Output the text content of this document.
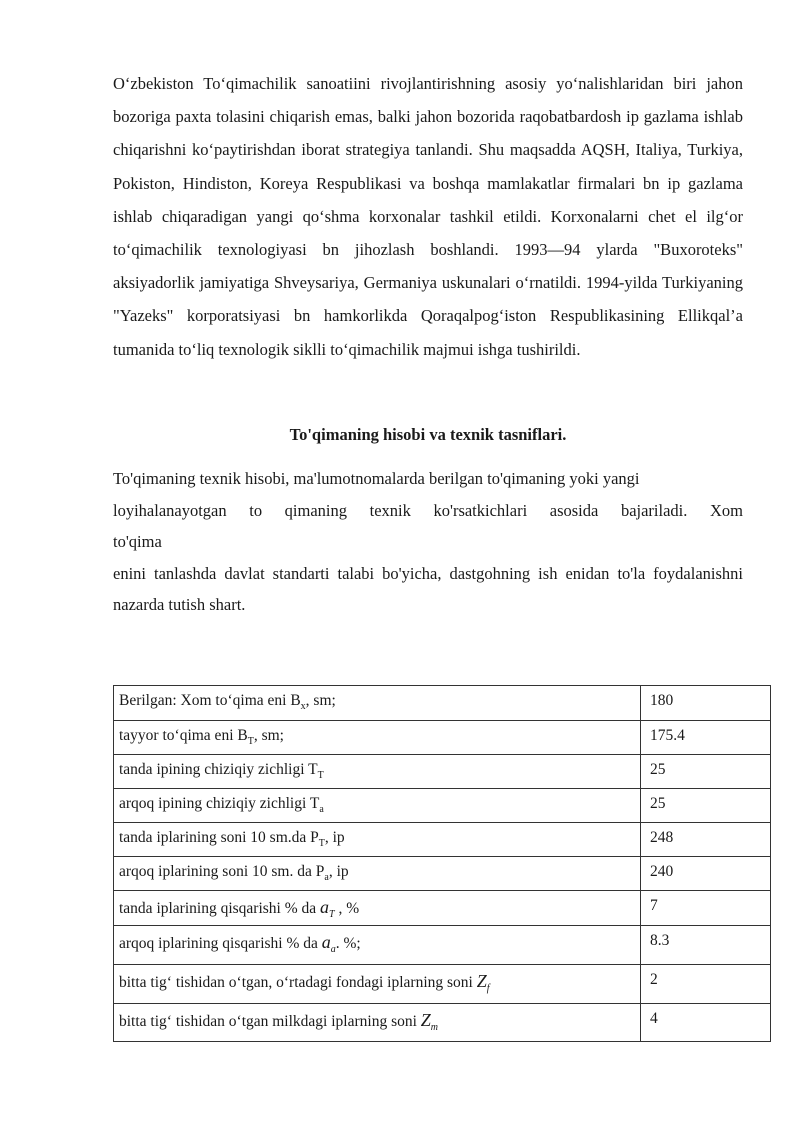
O‘zbekiston To‘qimachilik sanoatiini rivojlantirishning asosiy yo‘nalishlaridan biri jahon bozoriga paxta tolasini chiqarish emas, balki jahon bozorida raqobatbardosh ip gazlama ishlab chiqarishni ko‘paytirishdan iborat strategiya tanlandi. Shu maqsadda AQSH, Italiya, Turkiya, Pokiston, Hindiston, Koreya Respublikasi va boshqa mamlakatlar firmalari bn ip gazlama ishlab chiqaradigan yangi qo‘shma korxonalar tashkil etildi. Korxonalarni chet el ilg‘or to‘qimachilik texnologiyasi bn jihozlash boshlandi. 1993—94 ylarda "Buxoroteks" aksiyadorlik jamiyatiga Shveysariya, Germaniya uskunalari o‘rnatildi. 1994-yilda Turkiyaning "Yazeks" korporatsiyasi bn hamkorlikda Qoraqalpog‘iston Respublikasining Ellikqal’a tumanida to‘liq texnologik siklli to‘qimachilik majmui ishga tushirildi.

To'qimaning hisobi va texnik tasniflari.

To'qimaning texnik hisobi, ma'lumotnomalarda berilgan to'qimaning yoki yangi
loyihalanayotgan to qimaning texnik ko'rsatkichlari asosida bajariladi. Xom
to'qima
enini tanlashda davlat standarti talabi bo'yicha, dastgohning ish enidan to'la foydalanishni nazarda tutish shart.
Berilgan: Xom to‘qima eni $B_x$, sm;	180
tayyor to‘qima eni $B_T$, sm;	175.4
tanda ipining chiziqiy zichligi $T_T$	25
arqoq ipining chiziqiy zichligi $T_a$	25
tanda iplarining soni 10 sm.da $P_T$, ip	248
arqoq iplarining soni 10 sm. da $P_a$, ip	240
tanda iplarining qisqarishi % da $a_T$ , %	7
arqoq iplarining qisqarishi % da $a_a$. %;	8.3
bitta tig‘ tishidan o‘tgan, o‘rtadagi fondagi iplarning soni $Z_f$	2
bitta tig‘ tishidan o‘tgan milkdagi iplarning soni $Z_m$	4
